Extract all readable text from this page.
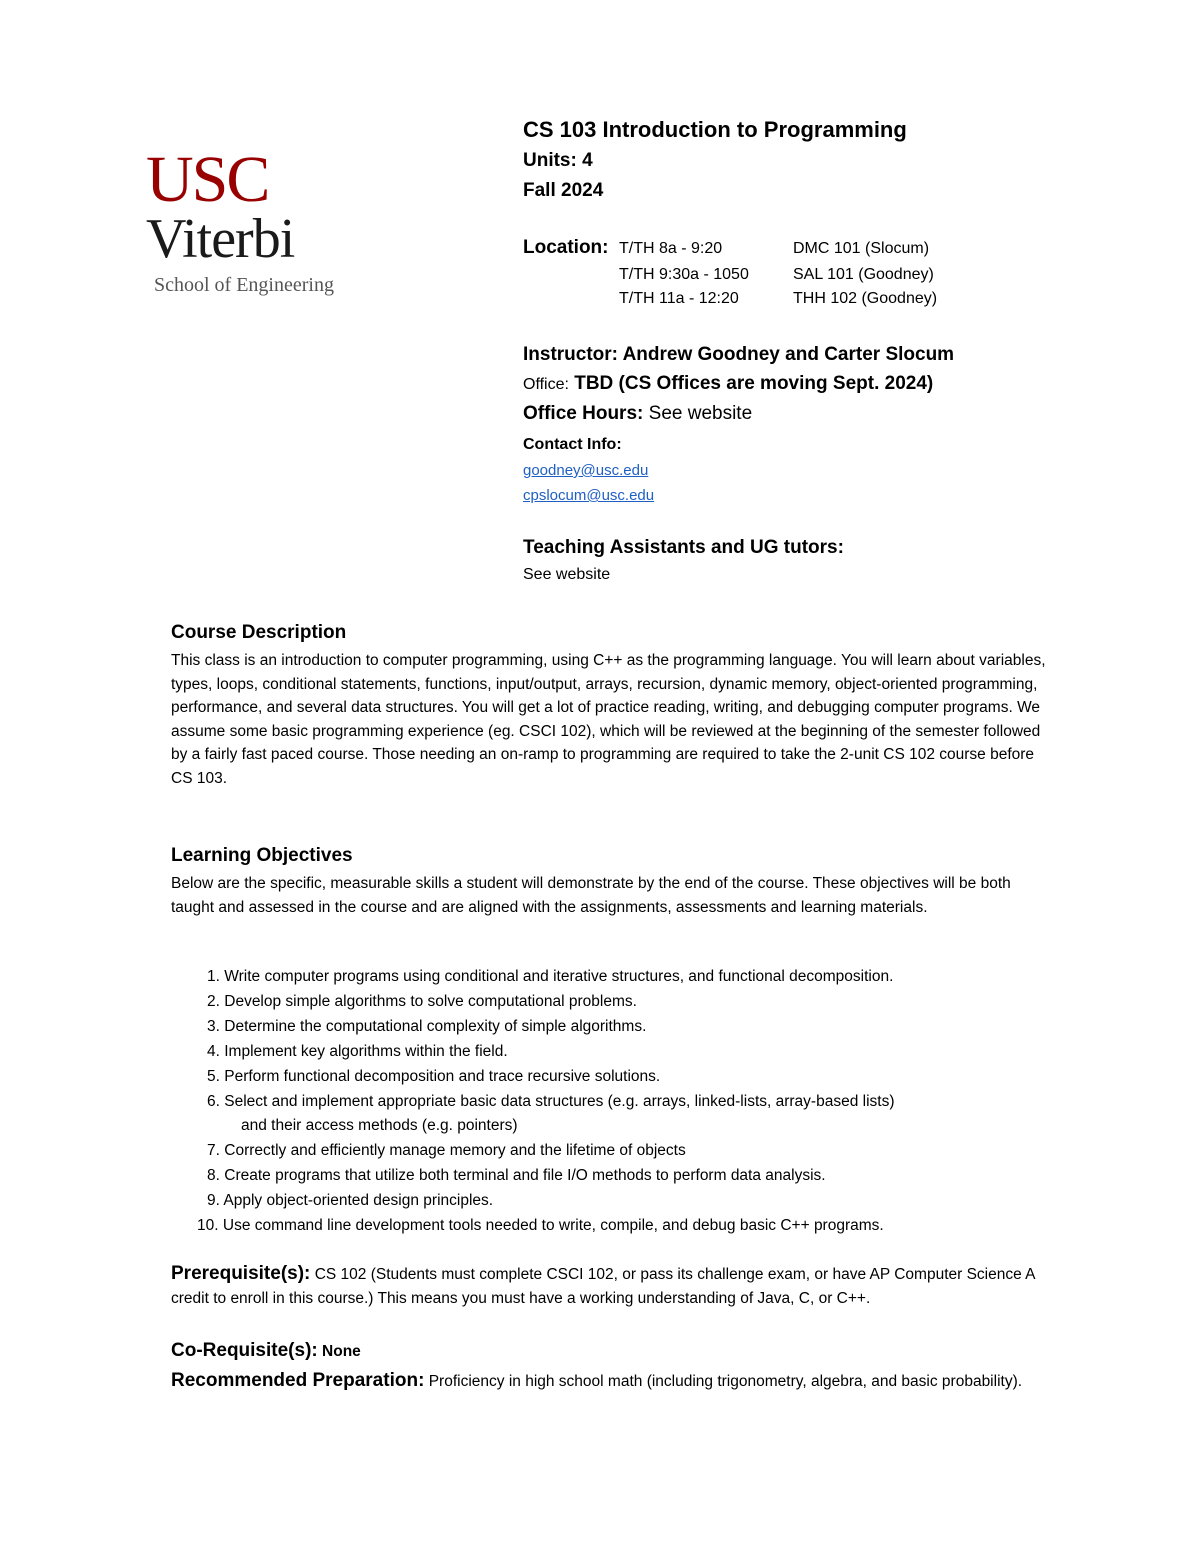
USC
Viterbi
School of Engineering
CS 103 Introduction to Programming
Units: 4
Fall 2024
Location: T/TH 8a - 9:20	DMC 101 (Slocum)
T/TH 9:30a - 1050	SAL 101 (Goodney)
T/TH 11a - 12:20	THH 102 (Goodney)
Instructor: Andrew Goodney and Carter Slocum
Office: TBD (CS Offices are moving Sept. 2024)
Office Hours: See website
Contact Info:
goodney@usc.edu
cpslocum@usc.edu
Teaching Assistants and UG tutors:
See website
Course Description

This class is an introduction to computer programming, using C++ as the programming language. You will learn about variables, types, loops, conditional statements, functions, input/output, arrays, recursion, dynamic memory, object-oriented programming, performance, and several data structures. You will get a lot of practice reading, writing, and debugging computer programs. We assume some basic programming experience (eg. CSCI 102), which will be reviewed at the beginning of the semester followed by a fairly fast paced course. Those needing an on-ramp to programming are required to take the 2-unit CS 102 course before CS 103.

Learning Objectives

Below are the specific, measurable skills a student will demonstrate by the end of the course. These objectives will be both taught and assessed in the course and are aligned with the assignments, assessments and learning materials.

1. Write computer programs using conditional and iterative structures, and functional decomposition.
2. Develop simple algorithms to solve computational problems.
3. Determine the computational complexity of simple algorithms.
4. Implement key algorithms within the field.
5. Perform functional decomposition and trace recursive solutions.
6. Select and implement appropriate basic data structures (e.g. arrays, linked-lists, array-based lists)
and their access methods (e.g. pointers)
7. Correctly and efficiently manage memory and the lifetime of objects
8. Create programs that utilize both terminal and file I/O methods to perform data analysis.
9. Apply object-oriented design principles.
10. Use command line development tools needed to write, compile, and debug basic C++ programs.
Prerequisite(s): CS 102 (Students must complete CSCI 102, or pass its challenge exam, or have AP Computer Science A credit to enroll in this course.) This means you must have a working understanding of Java, C, or C++.
Co-Requisite(s): None
Recommended Preparation: Proficiency in high school math (including trigonometry, algebra, and basic probability).
